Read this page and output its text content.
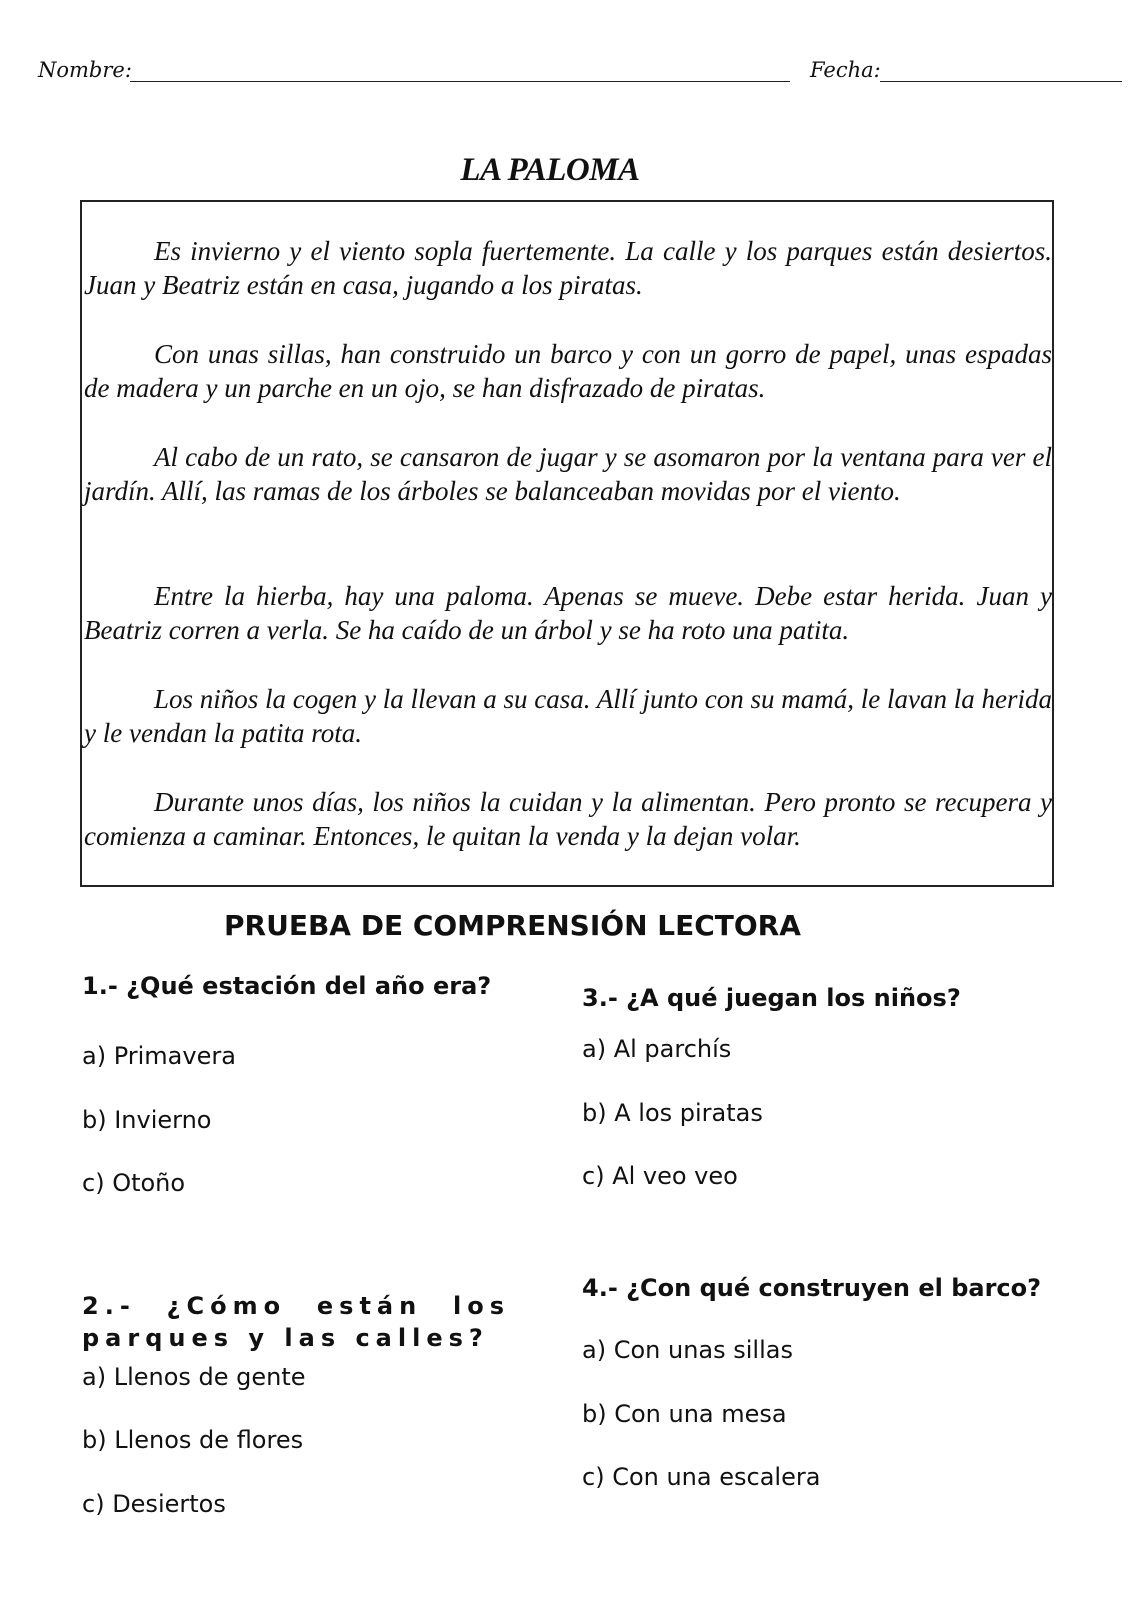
Nombre:	Fecha:
LA PALOMA

Es invierno y el viento sopla fuertemente. La calle y los parques están desiertos. Juan y Beatriz están en casa, jugando a los piratas.

Con unas sillas, han construido un barco y con un gorro de papel, unas espadas de madera y un parche en un ojo, se han disfrazado de piratas.

Al cabo de un rato, se cansaron de jugar y se asomaron por la ventana para ver el jardín. Allí, las ramas de los árboles se balanceaban movidas por el viento.

Entre la hierba, hay una paloma. Apenas se mueve. Debe estar herida. Juan y Beatriz corren a verla. Se ha caído de un árbol y se ha roto una patita.

Los niños la cogen y la llevan a su casa. Allí junto con su mamá, le lavan la herida y le vendan la patita rota.

Durante unos días, los niños la cuidan y la alimentan. Pero pronto se recupera y comienza a caminar. Entonces, le quitan la venda y la dejan volar.

PRUEBA DE COMPRENSIÓN LECTORA

1.- ¿Qué estación del año era?

a) Primavera
b) Invierno
c) Otoño

2.- ¿Cómo están los parques y las calles?

a) Llenos de gente
b) Llenos de flores
c) Desiertos

3.- ¿A qué juegan los niños?

a) Al parchís
b) A los piratas
c) Al veo veo

4.- ¿Con qué construyen el barco?

a) Con unas sillas
b) Con una mesa
c) Con una escalera
